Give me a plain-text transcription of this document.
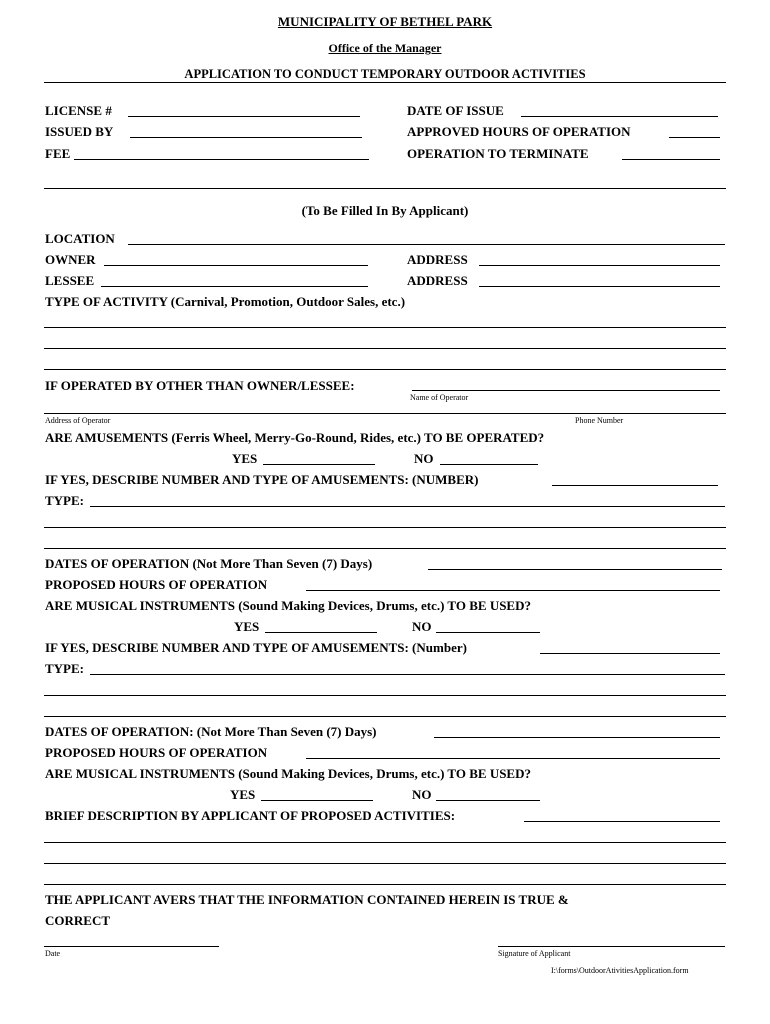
MUNICIPALITY OF BETHEL PARK
Office of the Manager
APPLICATION TO CONDUCT TEMPORARY OUTDOOR ACTIVITIES
LICENSE #	DATE OF ISSUE
ISSUED BY	APPROVED HOURS OF OPERATION
FEE	OPERATION TO TERMINATE
(To Be Filled In By Applicant)
LOCATION
OWNER	ADDRESS
LESSEE	ADDRESS
TYPE OF ACTIVITY (Carnival, Promotion, Outdoor Sales, etc.)
IF OPERATED BY OTHER THAN OWNER/LESSEE:
Name of Operator
Address of Operator	Phone Number
ARE AMUSEMENTS (Ferris Wheel, Merry-Go-Round, Rides, etc.) TO BE OPERATED?
YES	NO
IF YES, DESCRIBE NUMBER AND TYPE OF AMUSEMENTS: (NUMBER)
TYPE:
DATES OF OPERATION (Not More Than Seven (7) Days)
PROPOSED HOURS OF OPERATION
ARE MUSICAL INSTRUMENTS (Sound Making Devices, Drums, etc.) TO BE USED?
YES	NO
IF YES, DESCRIBE NUMBER AND TYPE OF AMUSEMENTS: (Number)
TYPE:
DATES OF OPERATION: (Not More Than Seven (7) Days)
PROPOSED HOURS OF OPERATION
ARE MUSICAL INSTRUMENTS (Sound Making Devices, Drums, etc.) TO BE USED?
YES	NO
BRIEF DESCRIPTION BY APPLICANT OF PROPOSED ACTIVITIES:
THE APPLICANT AVERS THAT THE INFORMATION CONTAINED HEREIN IS TRUE &
CORRECT
Date	Signature of Applicant
I:\forms\OutdoorAtivitiesApplication.form
